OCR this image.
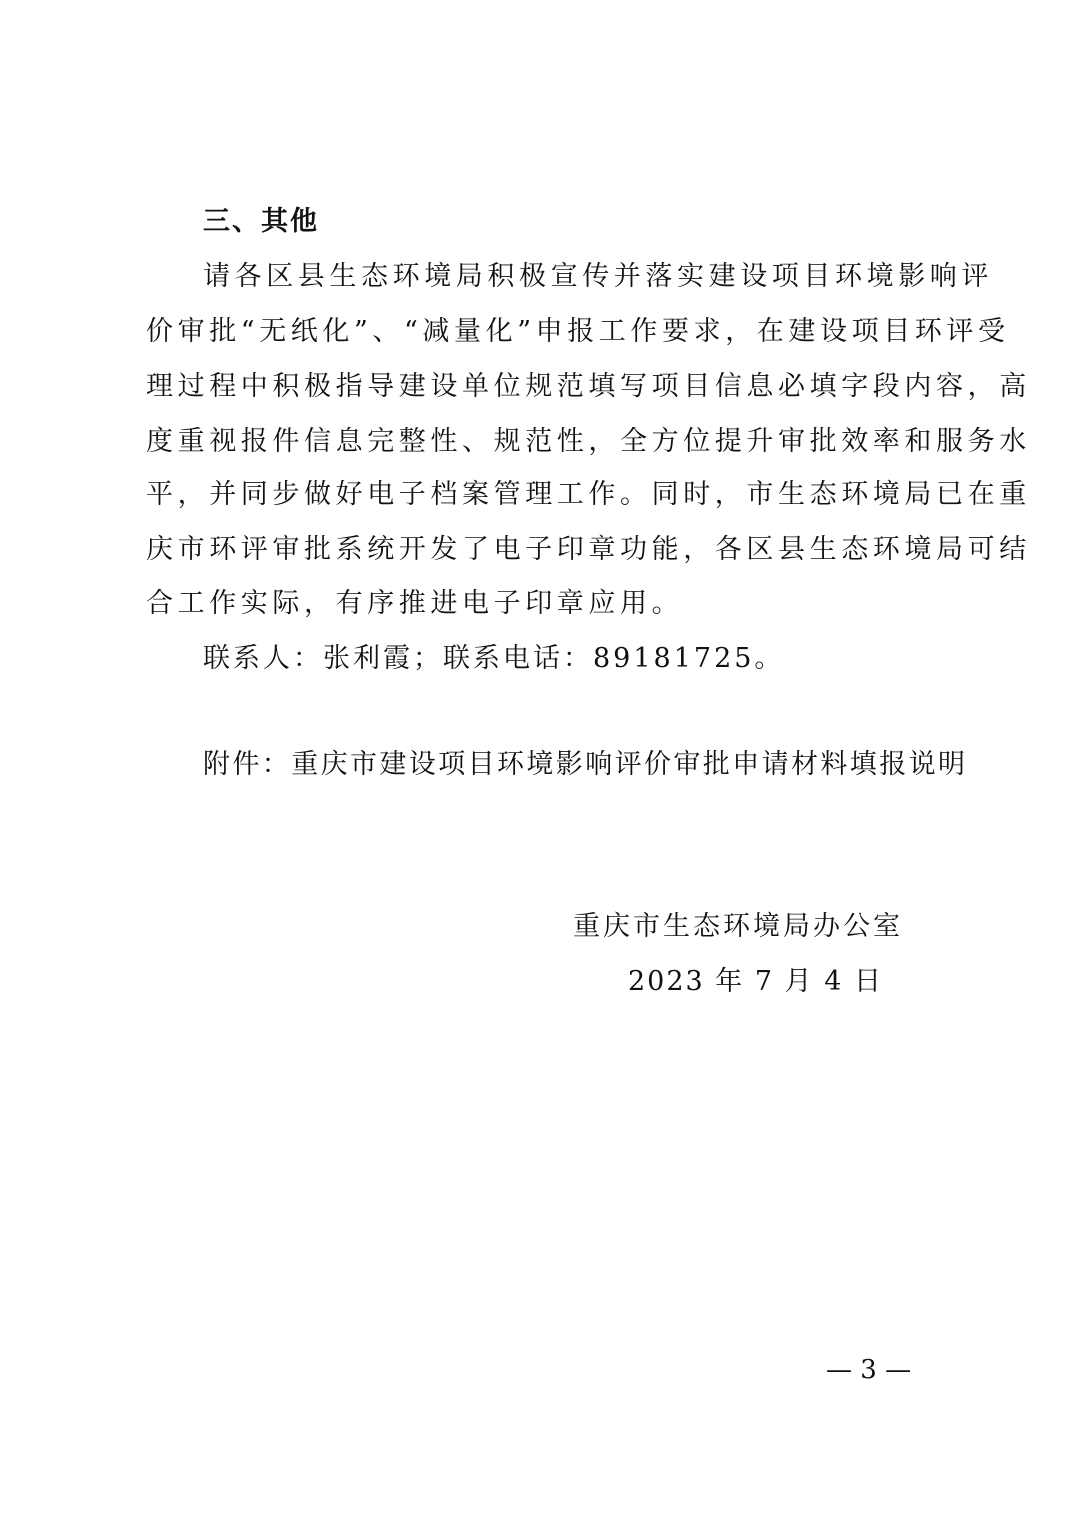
三、其他
请各区县生态环境局积极宣传并落实建设项目环境影响评
价审批“无纸化”、“减量化”申报工作要求，在建设项目环评受
理过程中积极指导建设单位规范填写项目信息必填字段内容，高
度重视报件信息完整性、规范性，全方位提升审批效率和服务水
平，并同步做好电子档案管理工作。同时，市生态环境局已在重
庆市环评审批系统开发了电子印章功能，各区县生态环境局可结
合工作实际，有序推进电子印章应用。
联系人：张利霞；联系电话：89181725。
附件：重庆市建设项目环境影响评价审批申请材料填报说明
重庆市生态环境局办公室
2023 年 7 月 4 日
— 3 —
